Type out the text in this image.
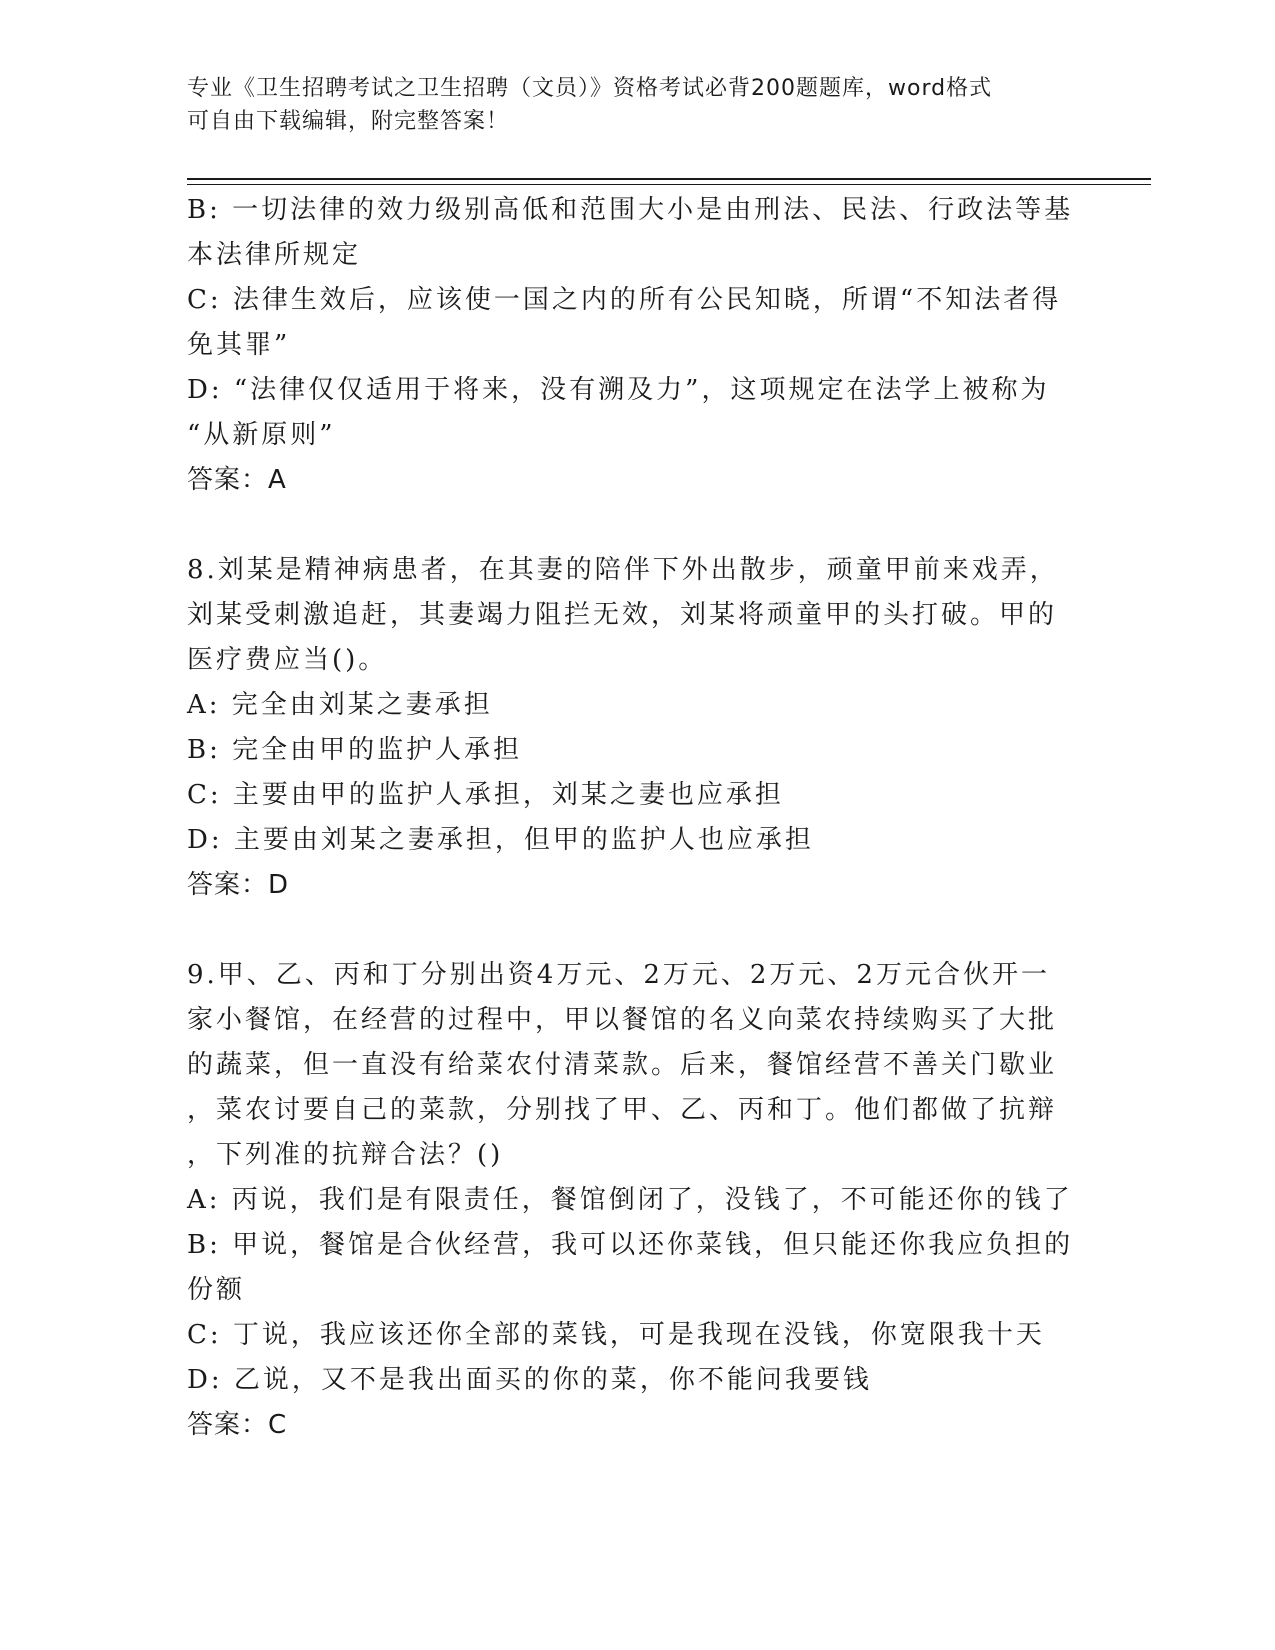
专业《卫生招聘考试之卫生招聘（文员）》资格考试必背200题题库，word格式
可自由下载编辑，附完整答案！

B: 一切法律的效力级别高低和范围大小是由刑法、民法、行政法等基

本法律所规定

C: 法律生效后，应该使一国之内的所有公民知晓，所谓“不知法者得

免其罪”

D: “法律仅仅适用于将来，没有溯及力”，这项规定在法学上被称为

“从新原则”

答案：A

8.刘某是精神病患者，在其妻的陪伴下外出散步，顽童甲前来戏弄，

刘某受刺激追赶，其妻竭力阻拦无效，刘某将顽童甲的头打破。甲的

医疗费应当()。

A: 完全由刘某之妻承担

B: 完全由甲的监护人承担

C: 主要由甲的监护人承担，刘某之妻也应承担

D: 主要由刘某之妻承担，但甲的监护人也应承担

答案：D

9.甲、乙、丙和丁分别出资4万元、2万元、2万元、2万元合伙开一

家小餐馆，在经营的过程中，甲以餐馆的名义向菜农持续购买了大批

的蔬菜，但一直没有给菜农付清菜款。后来，餐馆经营不善关门歇业

，菜农讨要自己的菜款，分别找了甲、乙、丙和丁。他们都做了抗辩

，下列准的抗辩合法？()

A: 丙说，我们是有限责任，餐馆倒闭了，没钱了，不可能还你的钱了

B: 甲说，餐馆是合伙经营，我可以还你菜钱，但只能还你我应负担的

份额

C: 丁说，我应该还你全部的菜钱，可是我现在没钱，你宽限我十天

D: 乙说，又不是我出面买的你的菜，你不能问我要钱

答案：C
